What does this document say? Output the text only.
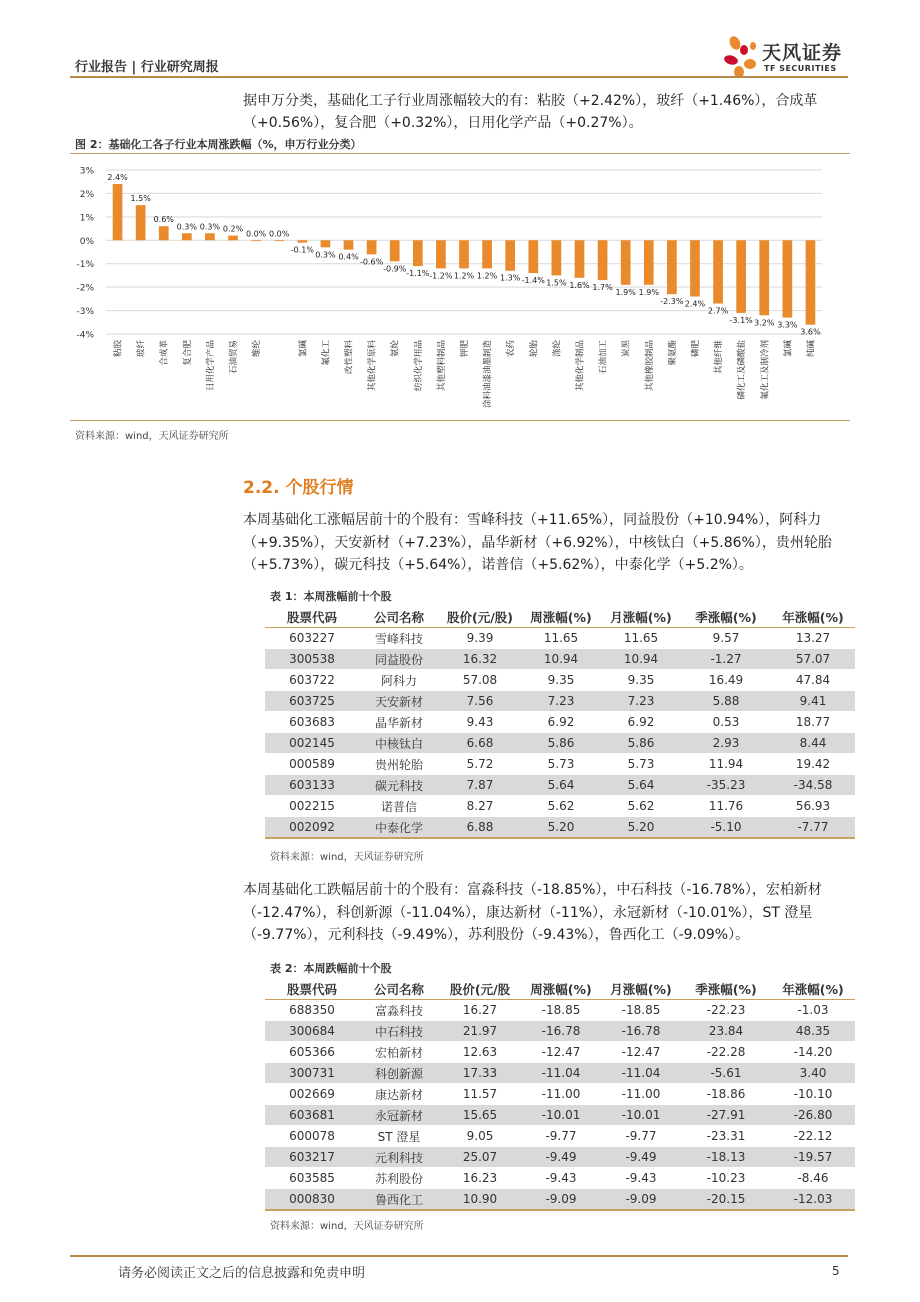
行业报告 | 行业研究周报
天风证券
TF SECURITIES
据申万分类，基础化工子行业周涨幅较大的有：粘胶（+2.42%），玻纤（+1.46%），合成革（+0.56%），复合肥（+0.32%），日用化学产品（+0.27%）。
图 2：基础化工各子行业本周涨跌幅（%，申万行业分类）
3%
2%
1%
0%
-1%
-2%
-3%
-4%
2.4%
粘胶
1.5%
玻纤
0.6%
合成革
0.3%
复合肥
0.3%
日用化学产品
0.2%
石油贸易
0.0%
维纶
0.0%
-0.1%
氯碱
0.3%
氟化工
0.4%
改性塑料
-0.6%
其他化学原料
-0.9%
氨纶
-1.1%
纺织化学用品
-1.2%
其他塑料制品
1.2%
钾肥
1.2%
涂料油漆油墨制造
1.3%
农药
-1.4%
轮胎
1.5%
涤纶
1.6%
其他化学制品
1.7%
石油加工
1.9%
炭黑
1.9%
其他橡胶制品
-2.3%
聚氨酯
2.4%
磷肥
2.7%
其他纤维
-3.1%
磷化工及磷酸盐
3.2%
氟化工及制冷剂
3.3%
氯碱
3.6%
纯碱
资料来源：wind，天风证券研究所
2.2. 个股行情
本周基础化工涨幅居前十的个股有：雪峰科技（+11.65%），同益股份（+10.94%），阿科力（+9.35%），天安新材（+7.23%），晶华新材（+6.92%），中核钛白（+5.86%），贵州轮胎（+5.73%），碳元科技（+5.64%），诺普信（+5.62%），中泰化学（+5.2%）。
表 1：本周涨幅前十个股
股票代码	公司名称	股价(元/股)	周涨幅(%)	月涨幅(%)	季涨幅(%)	年涨幅(%)
603227	雪峰科技	9.39	11.65	11.65	9.57	13.27
300538	同益股份	16.32	10.94	10.94	-1.27	57.07
603722	阿科力	57.08	9.35	9.35	16.49	47.84
603725	天安新材	7.56	7.23	7.23	5.88	9.41
603683	晶华新材	9.43	6.92	6.92	0.53	18.77
002145	中核钛白	6.68	5.86	5.86	2.93	8.44
000589	贵州轮胎	5.72	5.73	5.73	11.94	19.42
603133	碳元科技	7.87	5.64	5.64	-35.23	-34.58
002215	诺普信	8.27	5.62	5.62	11.76	56.93
002092	中泰化学	6.88	5.20	5.20	-5.10	-7.77
资料来源：wind，天风证券研究所
本周基础化工跌幅居前十的个股有：富淼科技（-18.85%），中石科技（-16.78%），宏柏新材（-12.47%），科创新源（-11.04%），康达新材（-11%），永冠新材（-10.01%），ST 澄星（-9.77%），元利科技（-9.49%），苏利股份（-9.43%），鲁西化工（-9.09%）。
表 2：本周跌幅前十个股
股票代码	公司名称	股价(元/股	周涨幅(%)	月涨幅(%)	季涨幅(%)	年涨幅(%)
688350	富淼科技	16.27	-18.85	-18.85	-22.23	-1.03
300684	中石科技	21.97	-16.78	-16.78	23.84	48.35
605366	宏柏新材	12.63	-12.47	-12.47	-22.28	-14.20
300731	科创新源	17.33	-11.04	-11.04	-5.61	3.40
002669	康达新材	11.57	-11.00	-11.00	-18.86	-10.10
603681	永冠新材	15.65	-10.01	-10.01	-27.91	-26.80
600078	ST 澄星	9.05	-9.77	-9.77	-23.31	-22.12
603217	元利科技	25.07	-9.49	-9.49	-18.13	-19.57
603585	苏利股份	16.23	-9.43	-9.43	-10.23	-8.46
000830	鲁西化工	10.90	-9.09	-9.09	-20.15	-12.03
资料来源：wind，天风证券研究所
请务必阅读正文之后的信息披露和免责申明	5
